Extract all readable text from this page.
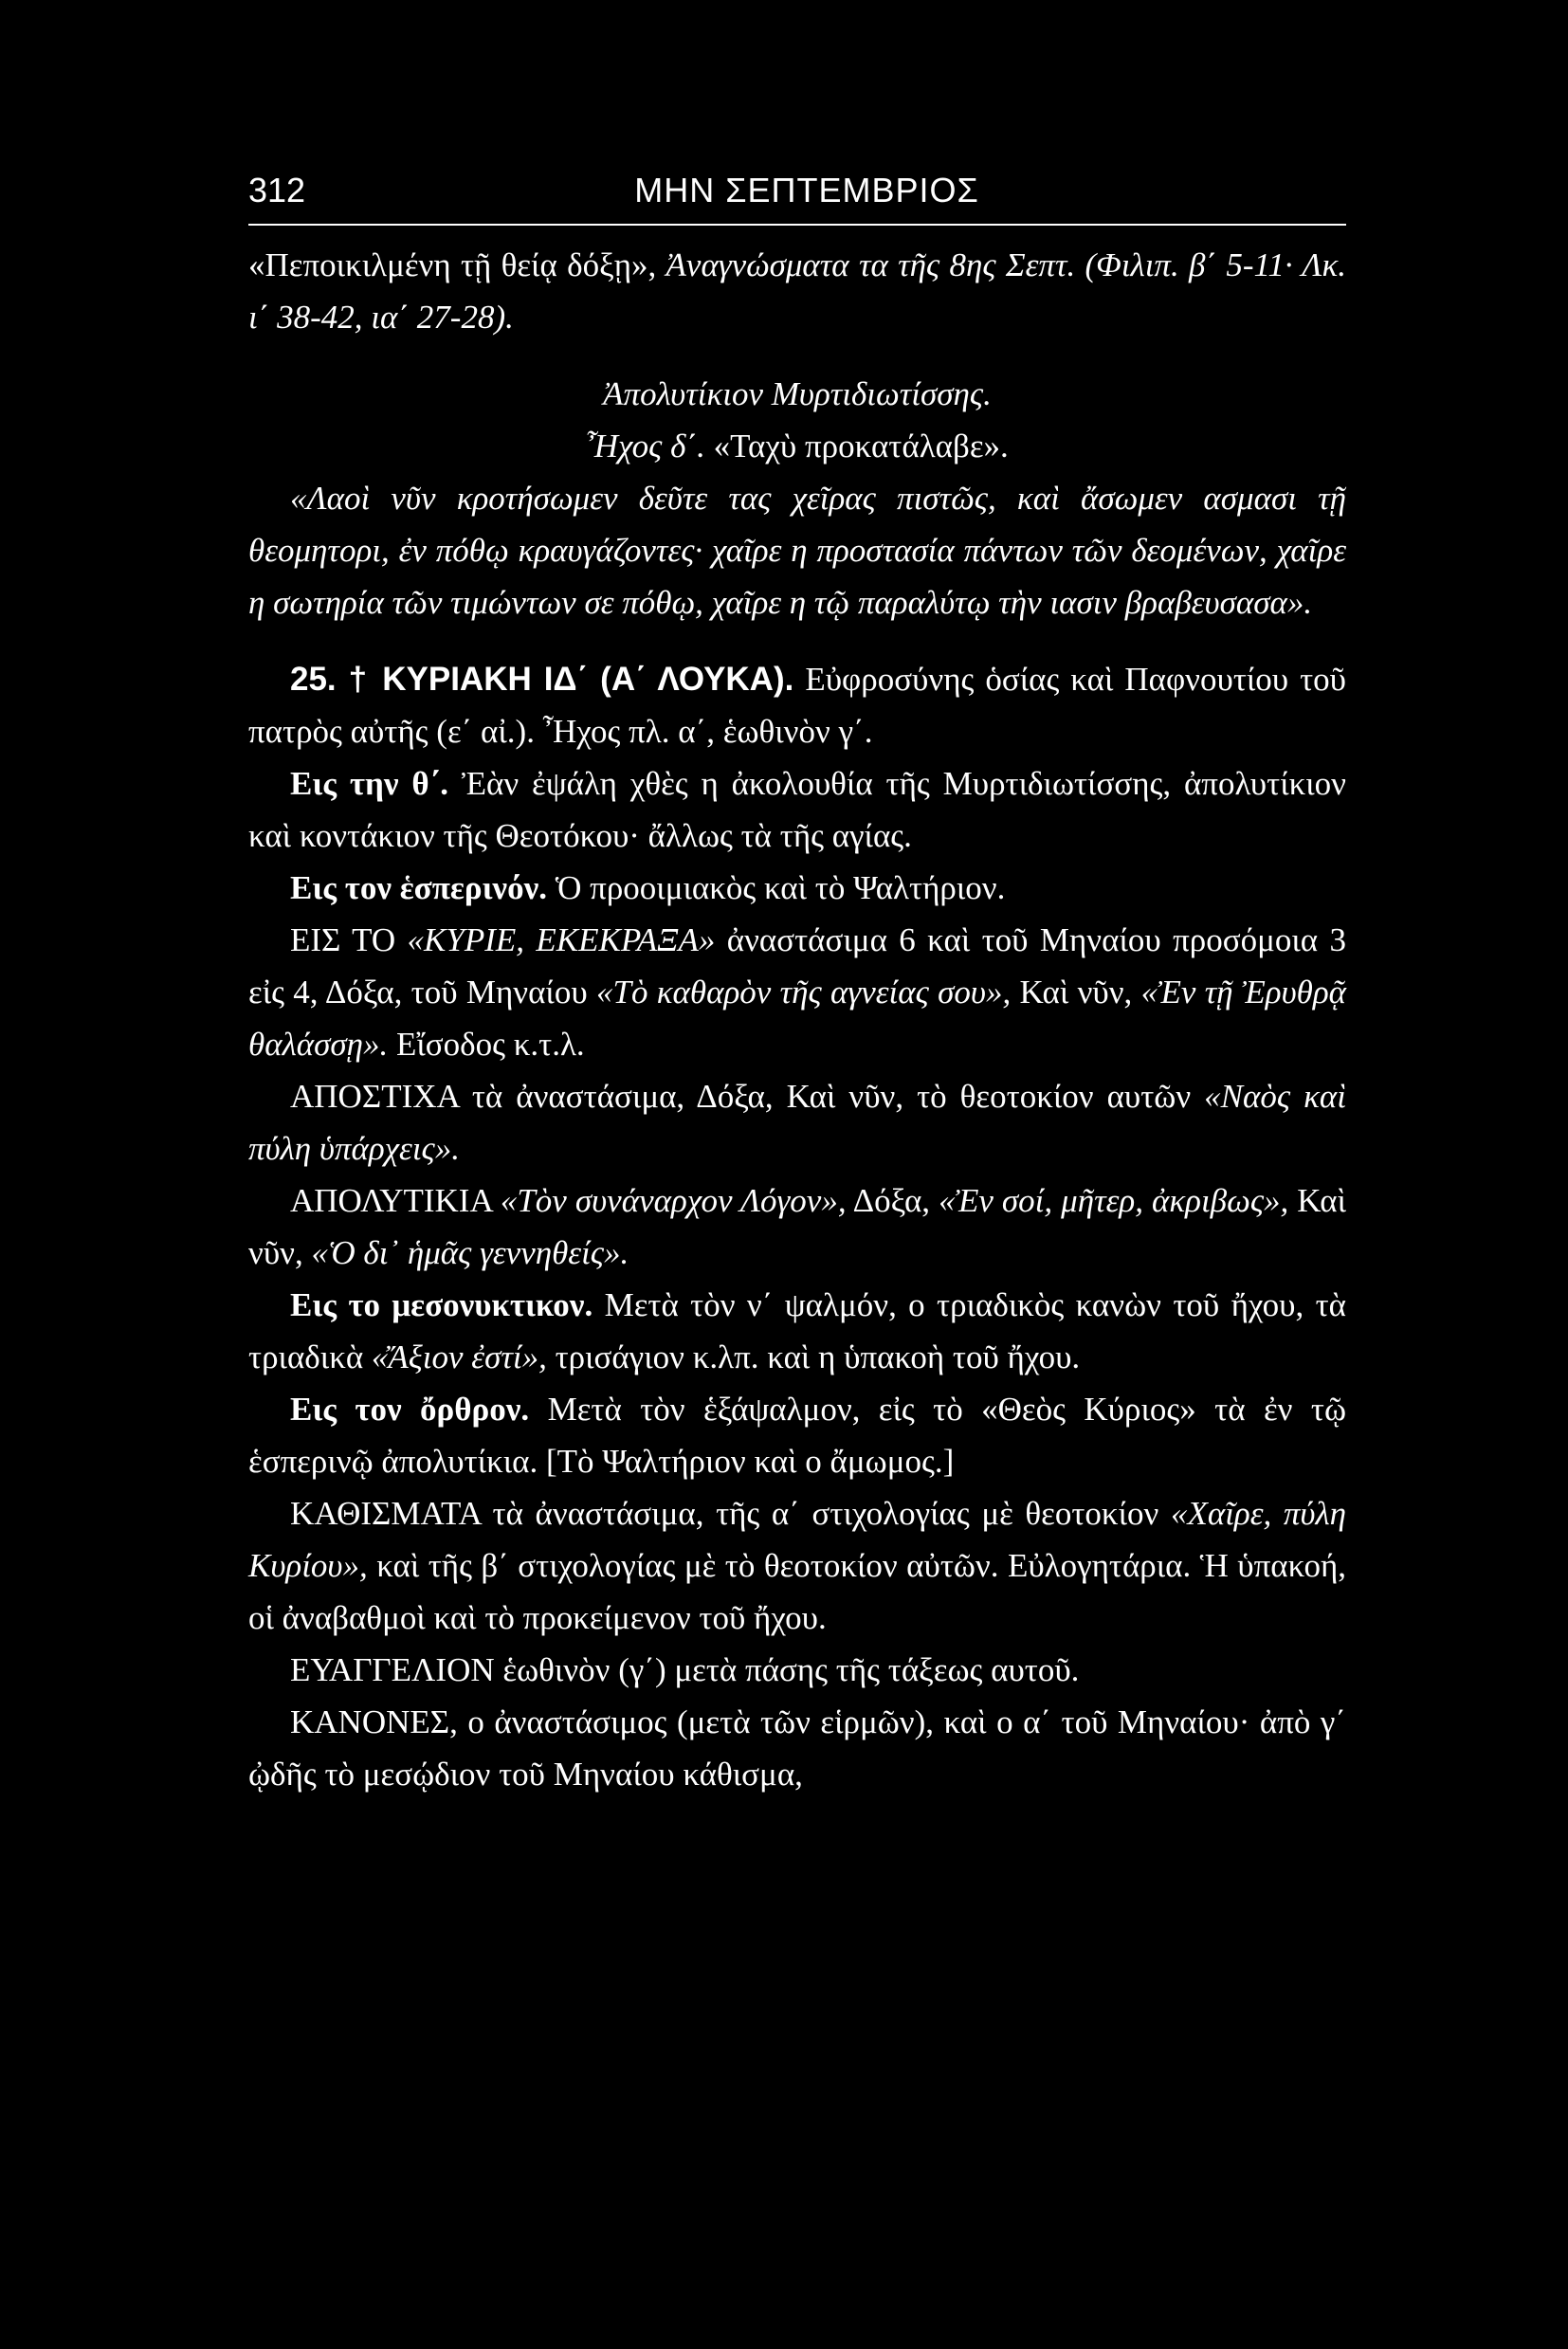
312	ΜΗΝ ΣΕΠΤΕΜΒΡΙΟΣ

«Πεποικιλμένη τῇ θείᾳ δόξῃ», Ἀναγνώσματα τα τῆς 8ης Σεπτ. (Φιλιπ. β΄ 5-11· Λκ. ι΄ 38-42, ια΄ 27-28).

Ἀπολυτίκιον Μυρτιδιωτίσσης.

Ἦχος δ΄. «Ταχὺ προκατάλαβε».

«Λαοὶ νῦν κροτήσωμεν δεῦτε τας χεῖρας πιστῶς, καὶ ἄσωμεν ασμασι τῇ θεομητορι, ἐν πόθῳ κραυγάζοντες· χαῖρε η προστασία πάντων τῶν δεομένων, χαῖρε η σωτηρία τῶν τιμώντων σε πόθῳ, χαῖρε η τῷ παραλύτῳ τὴν ιασιν βραβευσασα».

25. † ΚΥΡΙΑΚΗ ΙΔ΄ (Α΄ ΛΟΥΚΑ). Εὐφροσύνης ὁσίας καὶ Παφνουτίου τοῦ πατρὸς αὐτῆς (ε΄ αἰ.). Ἦχος πλ. α΄, ἑωθινὸν γ΄.

Εις την θ΄. Ἐὰν ἐψάλη χθὲς η ἀκολουθία τῆς Μυρτιδιωτίσσης, ἀπολυτίκιον καὶ κοντάκιον τῆς Θεοτόκου· ἄλλως τὰ τῆς αγίας.

Εις τον ἑσπερινόν. Ὁ προοιμιακὸς καὶ τὸ Ψαλτήριον.

ΕΙΣ ΤΟ «ΚΥΡΙΕ, ΕΚΕΚΡΑΞΑ» ἀναστάσιμα 6 καὶ τοῦ Μηναίου προσόμοια 3 εἰς 4, Δόξα, τοῦ Μηναίου «Τὸ καθαρὸν τῆς αγνείας σου», Καὶ νῦν, «Ἐν τῇ Ἐρυθρᾷ θαλάσσῃ». Εἴσοδος κ.τ.λ.

ΑΠΟΣΤΙΧΑ τὰ ἀναστάσιμα, Δόξα, Καὶ νῦν, τὸ θεοτοκίον αυτῶν «Ναὸς καὶ πύλη ὑπάρχεις».

ΑΠΟΛΥΤΙΚΙΑ «Τὸν συνάναρχον Λόγον», Δόξα, «Ἐν σοί, μῆτερ, ἀκριβως», Καὶ νῦν, «Ὁ δι᾿ ἡμᾶς γεννηθείς».

Εις το μεσονυκτικον. Μετὰ τὸν ν΄ ψαλμόν, ο τριαδικὸς κανὼν τοῦ ἤχου, τὰ τριαδικὰ «Ἄξιον ἐστί», τρισάγιον κ.λπ. καὶ η ὑπακοὴ τοῦ ἤχου.

Εις τον ὄρθρον. Μετὰ τὸν ἑξάψαλμον, εἰς τὸ «Θεὸς Κύριος» τὰ ἐν τῷ ἑσπερινῷ ἀπολυτίκια. [Τὸ Ψαλτήριον καὶ ο ἄμωμος.]

ΚΑΘΙΣΜΑΤΑ τὰ ἀναστάσιμα, τῆς α΄ στιχολογίας μὲ θεοτοκίον «Χαῖρε, πύλη Κυρίου», καὶ τῆς β΄ στιχολογίας μὲ τὸ θεοτοκίον αὐτῶν. Εὐλογητάρια. Ἡ ὑπακοή, οἱ ἀναβαθμοὶ καὶ τὸ προκείμενον τοῦ ἤχου.

ΕΥΑΓΓΕΛΙΟΝ ἑωθινὸν (γ΄) μετὰ πάσης τῆς τάξεως αυτοῦ.

ΚΑΝΟΝΕΣ, ο ἀναστάσιμος (μετὰ τῶν εἱρμῶν), καὶ ο α΄ τοῦ Μηναίου· ἀπὸ γ΄ ᾠδῆς τὸ μεσῴδιον τοῦ Μηναίου κάθισμα,
